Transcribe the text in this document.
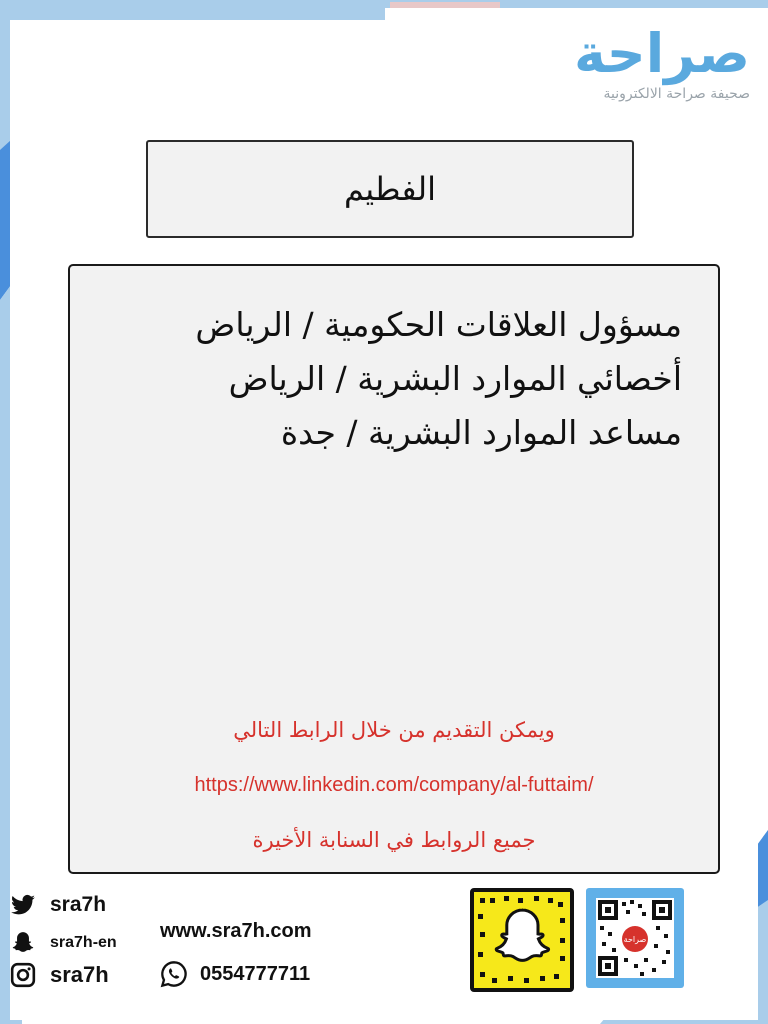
صراحة
صحيفة صراحة الالكترونية
الفطيم
مسؤول العلاقات الحكومية / الرياض
أخصائي الموارد البشرية / الرياض
مساعد الموارد البشرية / جدة
ويمكن التقديم من خلال الرابط التالي
https://www.linkedin.com/company/al-futtaim/
جميع الروابط في السنابة الأخيرة
sra7h
sra7h-en
sra7h
www.sra7h.com
0554777711
صراحة
